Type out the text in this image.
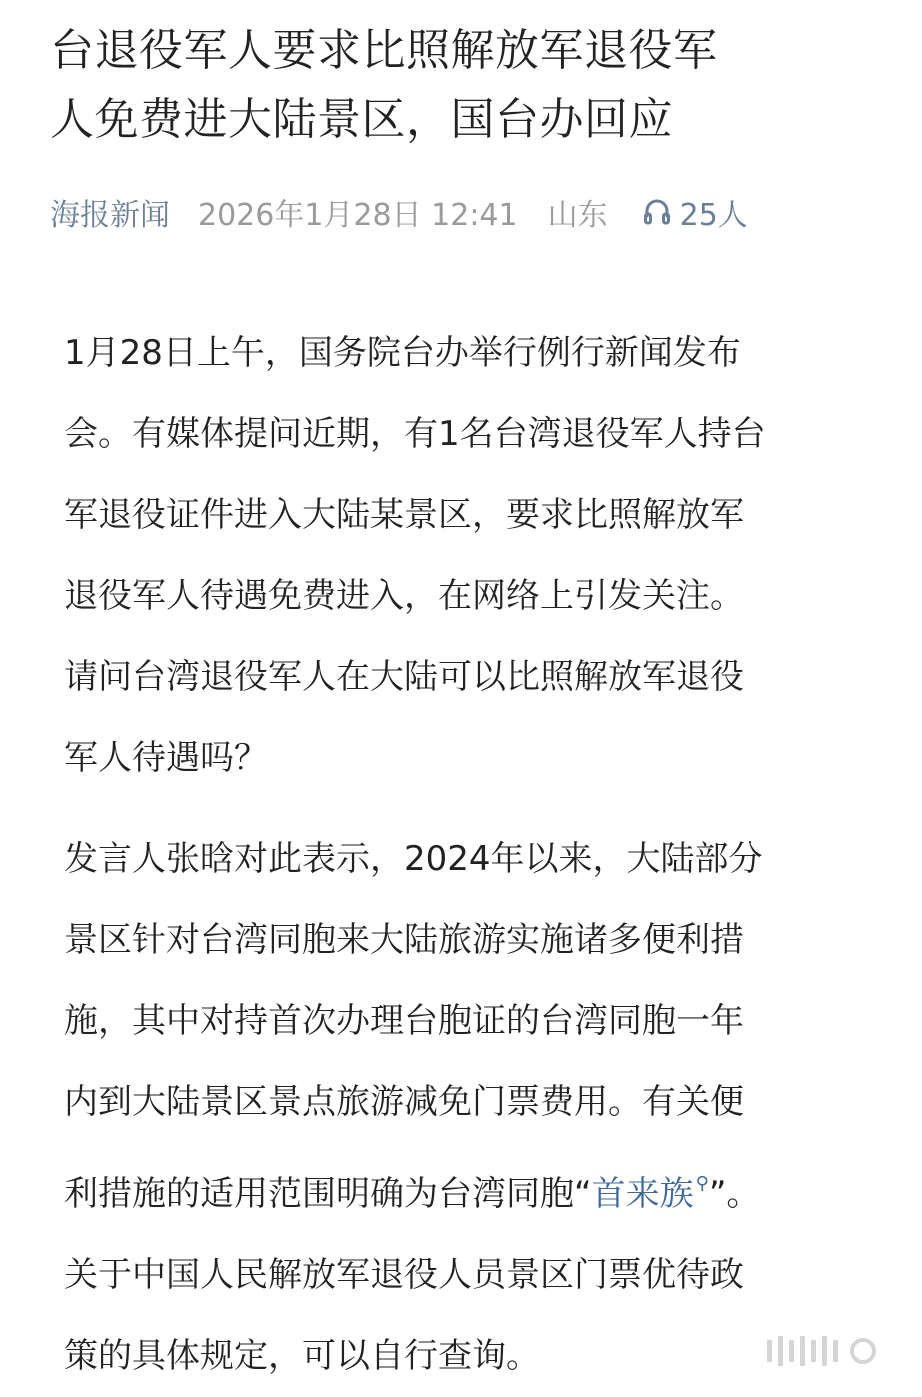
台退役军人要求比照解放军退役军
人免费进大陆景区，国台办回应
海报新闻 2026年1月28日 12:41 山东 25人

1月28日上午，国务院台办举行例行新闻发布
会。有媒体提问近期，有1名台湾退役军人持台
军退役证件进入大陆某景区，要求比照解放军
退役军人待遇免费进入，在网络上引发关注。
请问台湾退役军人在大陆可以比照解放军退役
军人待遇吗？

发言人张晗对此表示，2024年以来，大陆部分
景区针对台湾同胞来大陆旅游实施诸多便利措
施，其中对持首次办理台胞证的台湾同胞一年
内到大陆景区景点旅游减免门票费用。有关便
利措施的适用范围明确为台湾同胞“首来族 ⚲”。
关于中国人民解放军退役人员景区门票优待政
策的具体规定，可以自行查询。
